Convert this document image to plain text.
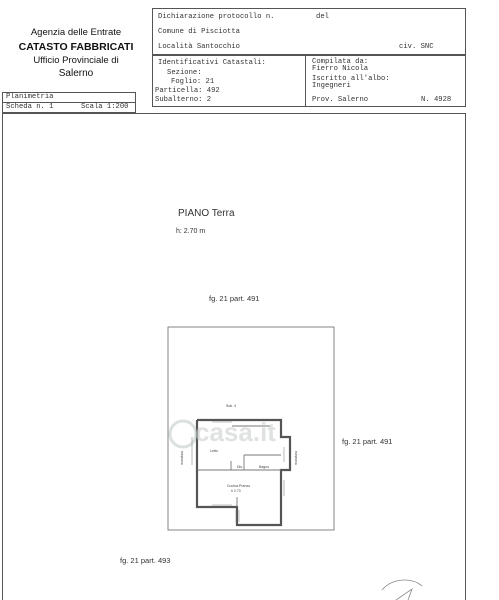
Agenzia delle Entrate
CATASTO FABBRICATI
Ufficio Provinciale di
Salerno
Dichiarazione protocollo n.	del
Comune di Pisciotta
Località Santocchio	civ. SNC
Identificativi Catastali:
Sezione:
Foglio: 21
Particella: 492
Subalterno: 2
Compilata da:
Fierro Nicola
Iscritto all'albo:
Ingegneri
Prov. Salerno	N. 4928
Planimetria
Scheda n. 1	Scala 1:200
PIANO Terra
h: 2.70 m
fg. 21 part. 491
fg. 21 part. 491
fg. 21 part. 493
Sub. 4
Letto
Dis.	Bagno
Cucina-Pranzo
h 2.70
muratura	muratura
casa.it
